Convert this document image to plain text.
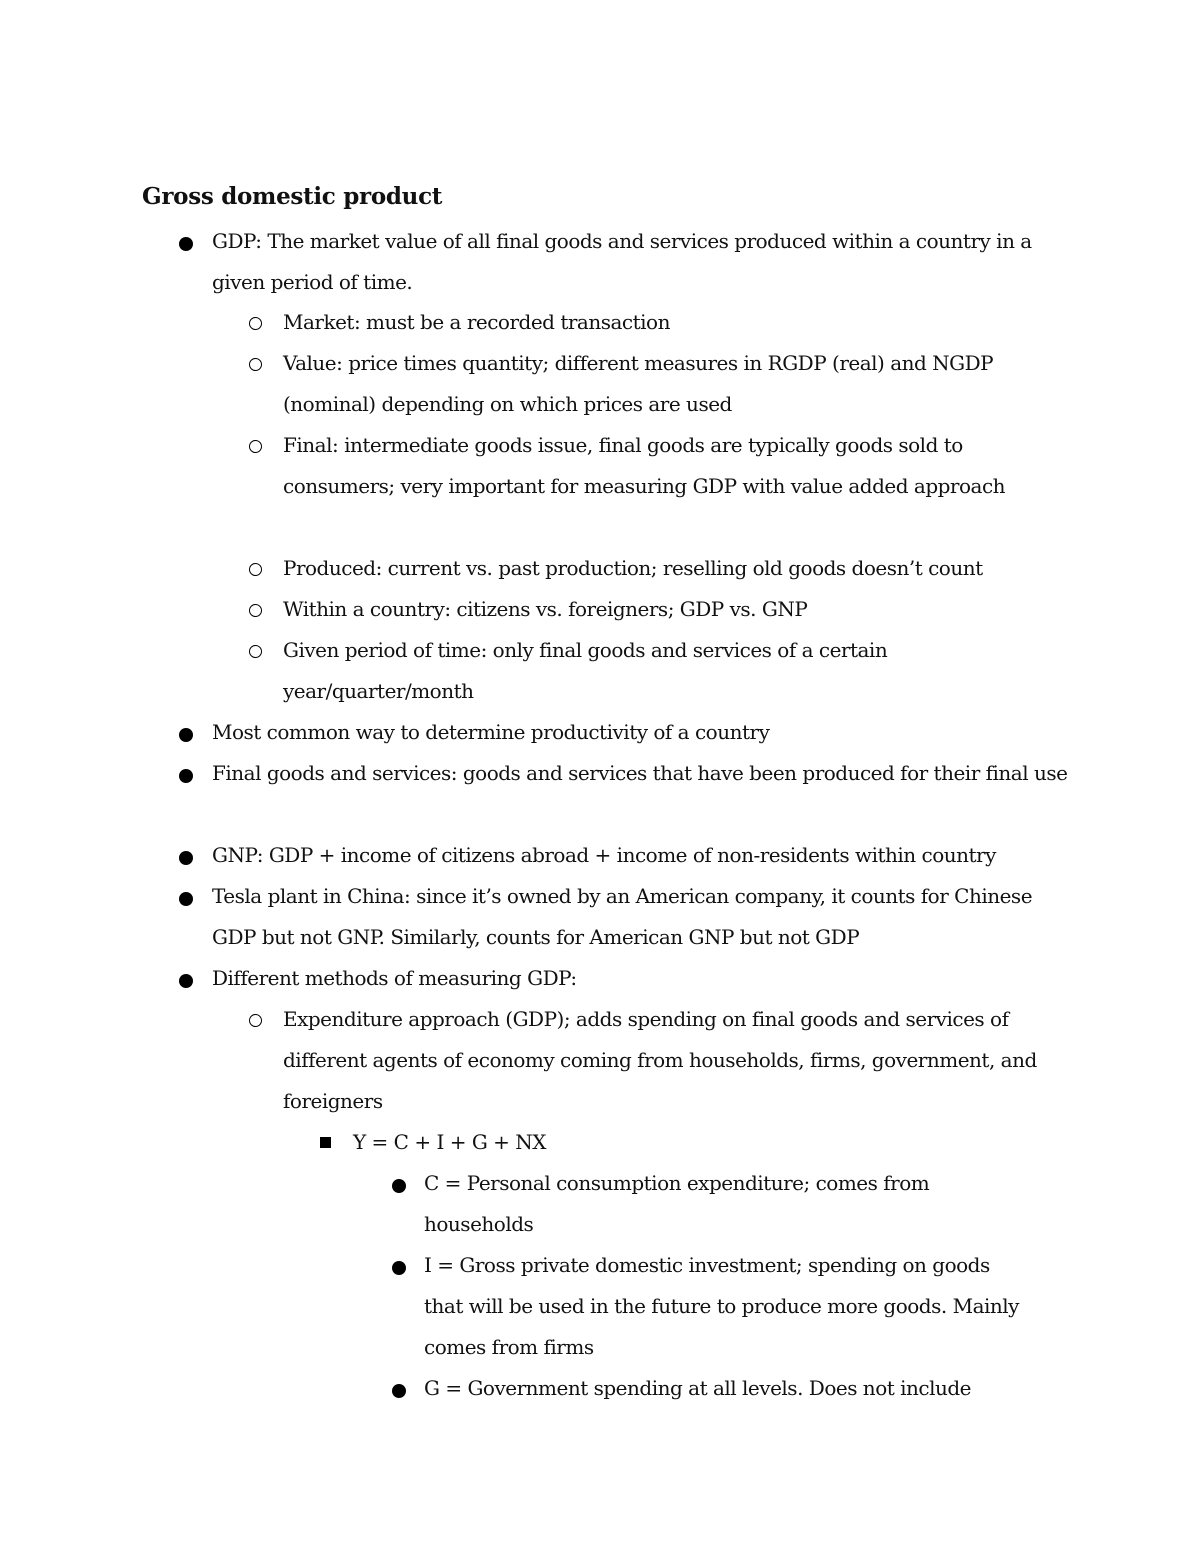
Gross domestic product
GDP: The market value of all final goods and services produced within a country in a given period of time.
Market: must be a recorded transaction
Value: price times quantity; different measures in RGDP (real) and NGDP (nominal) depending on which prices are used
Final: intermediate goods issue, final goods are typically goods sold to consumers; very important for measuring GDP with value added approach
Produced: current vs. past production; reselling old goods doesn’t count
Within a country: citizens vs. foreigners; GDP vs. GNP
Given period of time: only final goods and services of a certain year/quarter/month
Most common way to determine productivity of a country
Final goods and services: goods and services that have been produced for their final use
GNP: GDP + income of citizens abroad + income of non-residents within country
Tesla plant in China: since it’s owned by an American company, it counts for Chinese GDP but not GNP. Similarly, counts for American GNP but not GDP
Different methods of measuring GDP:
Expenditure approach (GDP); adds spending on final goods and services of different agents of economy coming from households, firms, government, and foreigners
Y = C + I + G + NX
C = Personal consumption expenditure; comes from households
I = Gross private domestic investment; spending on goods that will be used in the future to produce more goods. Mainly comes from firms
G = Government spending at all levels. Does not include
